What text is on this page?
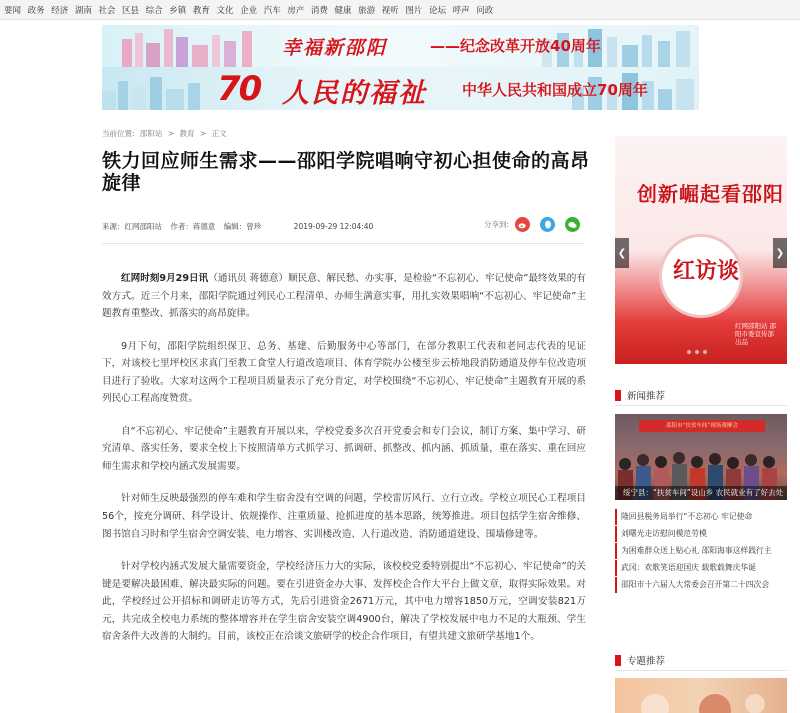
要闻 政务 经济 湖南 社会 区县 综合 乡镇 教育 文化 企业 汽车 房产 消费 健康 旅游 视听 图片 论坛 呼声 问政
幸福新邵阳	——纪念改革开放40周年
70 人民的福祉 中华人民共和国成立70周年
当前位置: 邵阳站 > 教育 > 正文
铁力回应师生需求——邵阳学院唱响守初心担使命的高昂旋律
来源：红网邵阳站 作者：蒋德意 编辑：曾珍	2019-09-29 12:04:40	分享到:

红网时刻9月29日讯（通讯员 蒋德意）顺民意、解民愁、办实事，是检验“不忘初心、牢记使命”最终效果的有效方式。近三个月来，邵阳学院通过列民心工程清单、办师生满意实事，用扎实效果唱响“不忘初心、牢记使命”主题教育重整改、抓落实的高昂旋律。

9月下旬，邵阳学院组织保卫、总务、基建、后勤服务中心等部门，在部分教职工代表和老同志代表的见证下，对该校七里坪校区求真门至教工食堂人行道改造项目、体育学院办公楼至步云桥地段消防通道及停车位改造项目进行了验收。大家对这两个工程项目质量表示了充分肯定，对学校围绕“不忘初心、牢记使命”主题教育开展的系列民心工程高度赞赏。

自“不忘初心、牢记使命”主题教育开展以来，学校党委多次召开党委会和专门会议，制订方案、集中学习、研究清单、落实任务，要求全校上下按照清单方式抓学习、抓调研、抓整改、抓内涵、抓质量，重在落实、重在回应师生需求和学校内涵式发展需要。

针对师生反映最强烈的停车难和学生宿舍没有空调的问题，学校雷厉风行、立行立改。学校立项民心工程项目56个，按充分调研、科学设计、依规操作、注重质量、抢抓进度的基本思路，统筹推进。项目包括学生宿舍维修、图书馆自习时和学生宿舍空调安装、电力增容、实训楼改造、人行道改造、消防通道建设、围墙修建等。

针对学校内涵式发展大量需要资金，学校经济压力大的实际，该校校党委特别提出“不忘初心、牢记使命”的关键是要解决最困难、解决最实际的问题。要在引进资金办大事、发挥校企合作大平台上做文章，取得实际效果。对此，学校经过公开招标和调研走访等方式，先后引进资金2671万元，其中电力增容1850万元，空调安装821万元，共完成全校电力系统的整体增容并在学生宿舍安装空调4900台，解决了学校发展中电力不足的大瓶颈、学生宿舍条件大改善的大制约。目前，该校正在洽谈文旅研学的校企合作项目，有望共建文旅研学基地1个。

创新崛起看邵阳
红访谈
红网邵阳站 邵阳市委宣传部 出品
❮	❯
新闻推荐
邵阳市“扶贫车间”现场观摩会
绥宁县：“扶贫车间”设山乡 农民就业有了好去处
隆回县税务局举行“不忘初心 牢记使命
刘曙光走访慰问模范劳模
为困难群众送上贴心礼 邵阳海事这样践行主
武冈：欢歌笑语迎国庆 载歌载舞庆华诞
邵阳市十六届人大常委会召开第二十四次会
专题推荐
